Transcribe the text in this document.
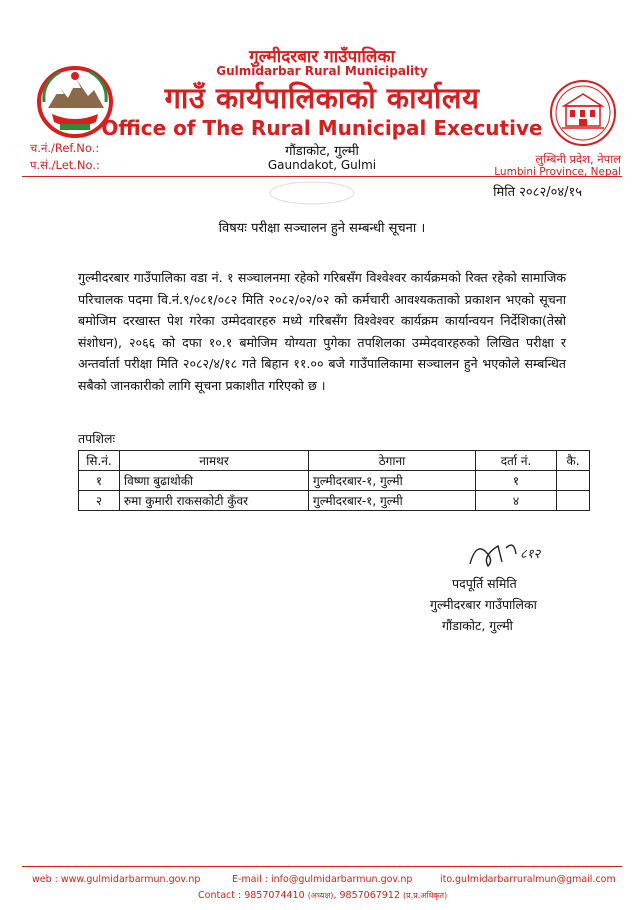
गुल्मीदरबार गाउँपालिका
Gulmidarbar Rural Municipality
गाउँ कार्यपालिकाको कार्यालय
Office of The Rural Municipal Executive
गौंडाकोट, गुल्मी
Gaundakot, Gulmi
च.नं./Ref.No.:
प.सं./Let.No.:	लुम्बिनी प्रदेश, नेपाल
Lumbini Province, Nepal
मिति २०८२/०४/१५
विषयः परीक्षा सञ्चालन हुने सम्बन्धी सूचना ।
गुल्मीदरबार गाउँपालिका वडा नं. १ सञ्चालनमा रहेको गरिबसँग विश्वेश्वर कार्यक्रमको रिक्त रहेको सामाजिक परिचालक पदमा वि.नं.९/०८१/०८२ मिति २०८२/०२/०२ को कर्मचारी आवश्यकताको प्रकाशन भएको सूचना बमोजिम दरखास्त पेश गरेका उम्मेदवारहरु मध्ये गरिबसँग विश्वेश्वर कार्यक्रम कार्यान्वयन निर्देशिका(तेस्रो संशोधन), २०६६ को दफा १०.१ बमोजिम योग्यता पुगेका तपशिलका उम्मेदवारहरुको लिखित परीक्षा र अन्तर्वार्ता परीक्षा मिति २०८२/४/१८ गते बिहान ११.०० बजे गाउँपालिकामा सञ्चालन हुने भएकोले सम्बन्धित सबैको जानकारीको लागि सूचना प्रकाशीत गरिएको छ ।
तपशिलः
सि.नं.	नामथर	ठेगाना	दर्ता नं.	कै.
१	विष्णा बुढाथोकी	गुल्मीदरबार-१, गुल्मी	१	
२	रुमा कुमारी राकसकोटी कुँवर	गुल्मीदरबार-१, गुल्मी	४	
८१२
पदपूर्ति समिति
गुल्मीदरबार गाउँपालिका
गौंडाकोट, गुल्मी
web : www.gulmidarbarmun.gov.np	E-mail : info@gulmidarbarmun.gov.np	ito.gulmidarbarruralmun@gmail.com
Contact : 9857074410 (अध्यक्ष), 9857067912 (प्र.प्र.अधिकृत)
